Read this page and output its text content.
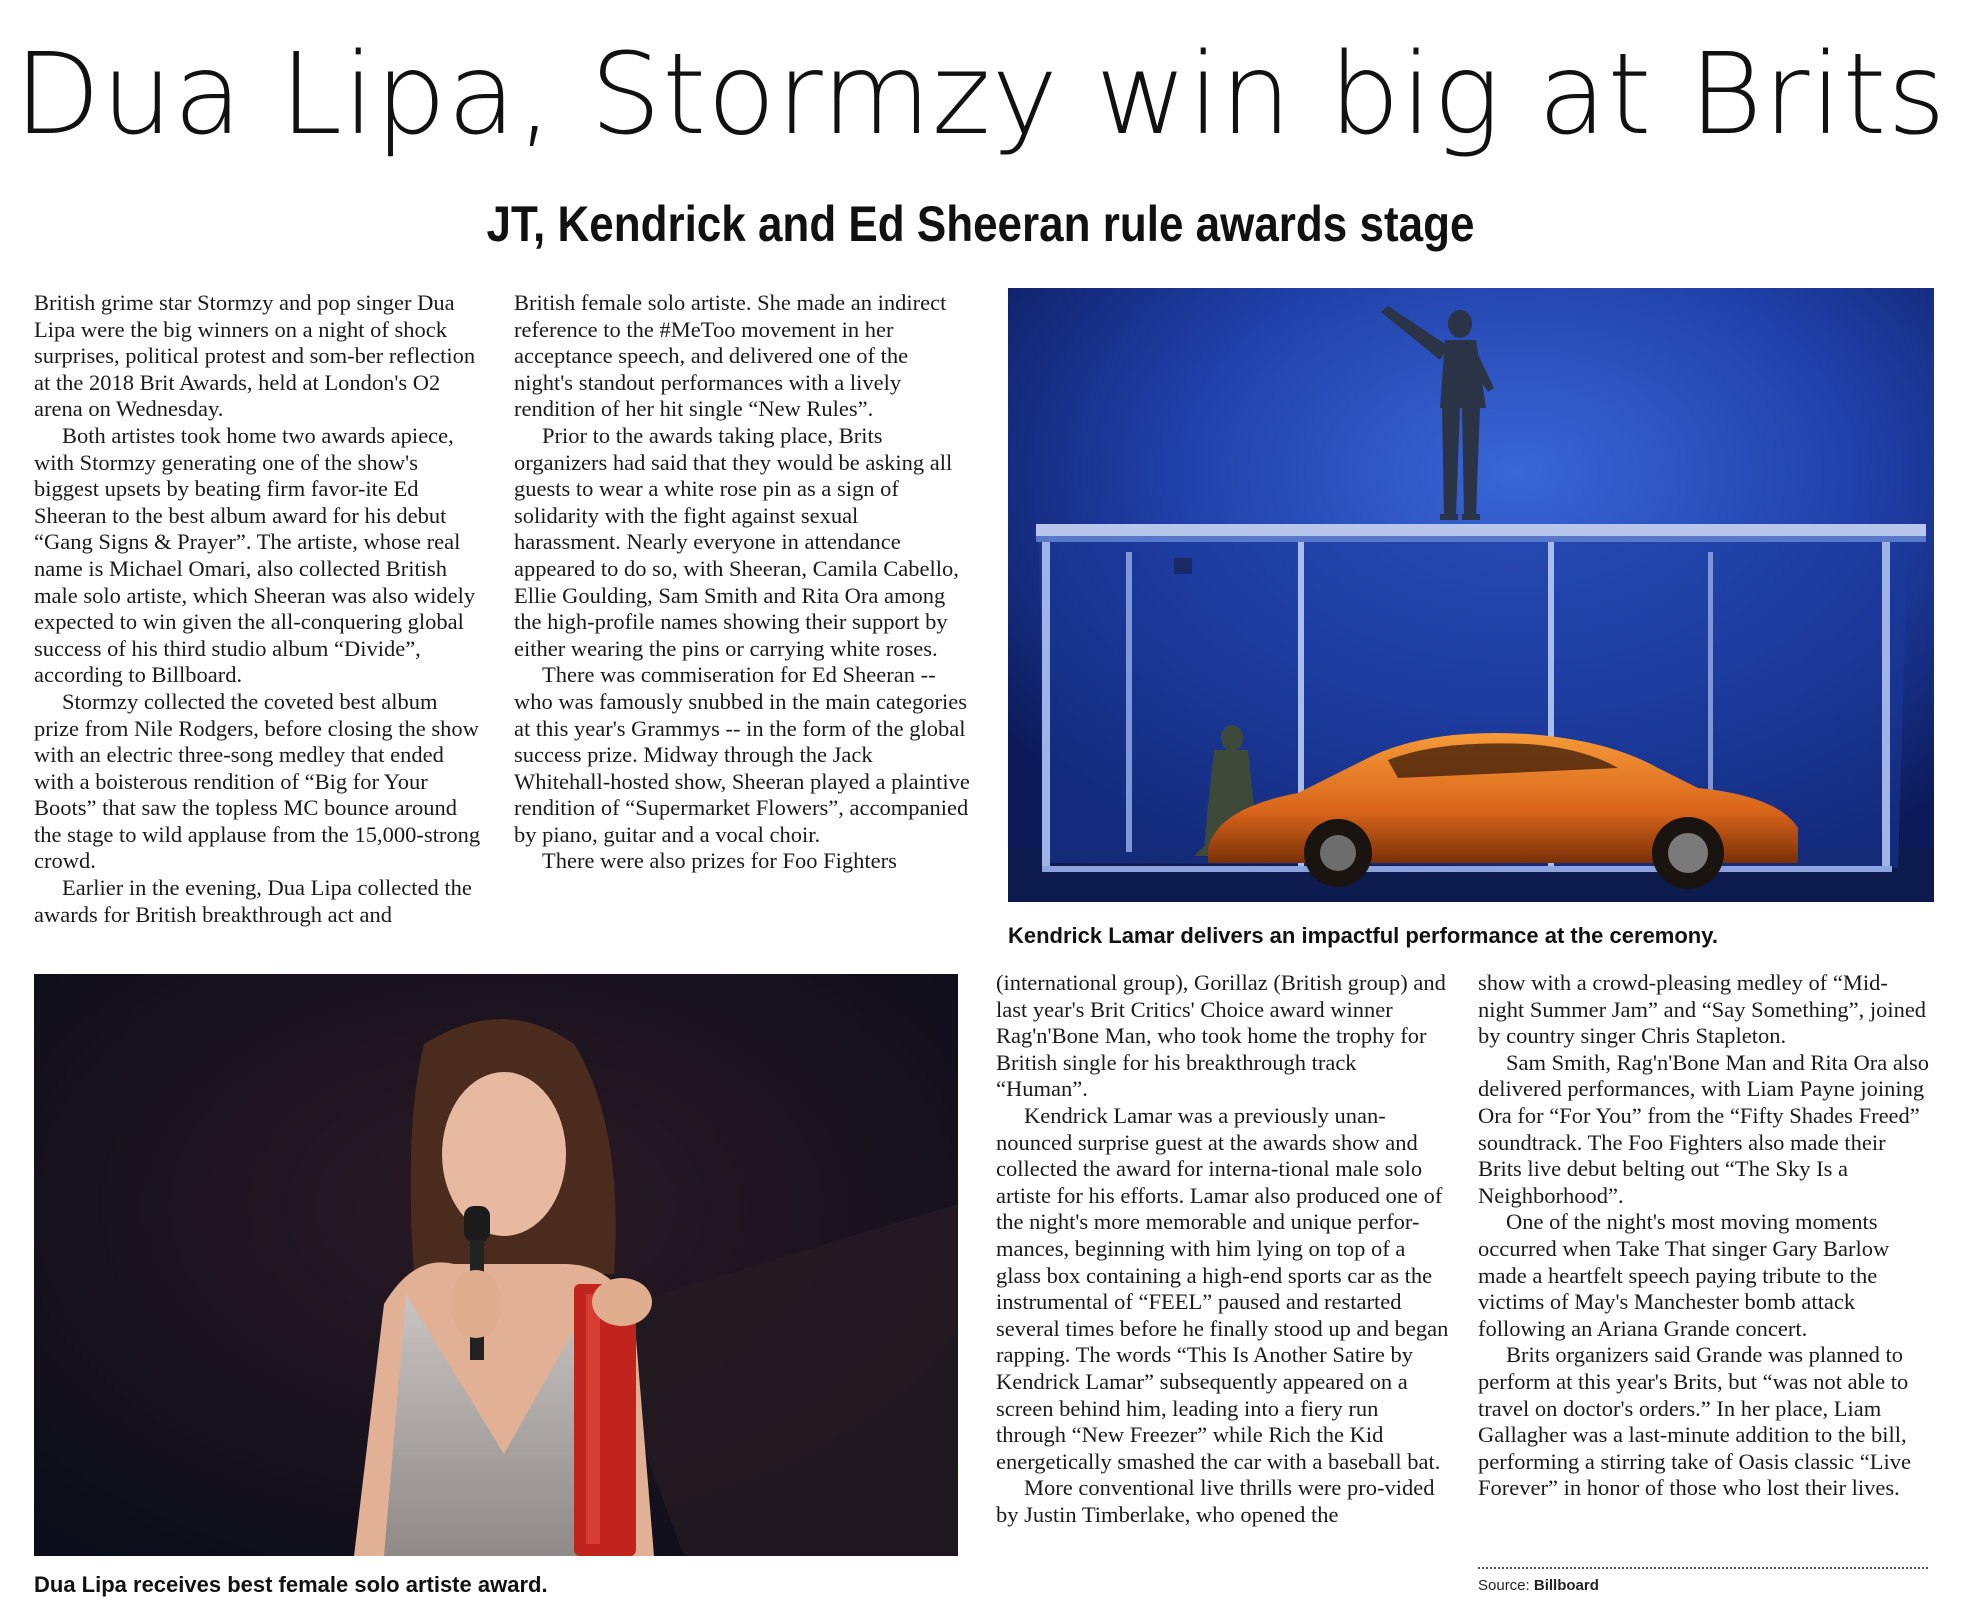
Dua Lipa, Stormzy win big at Brits
JT, Kendrick and Ed Sheeran rule awards stage

British grime star Stormzy and pop singer Dua Lipa were the big winners on a night of shock surprises, political protest and som-ber reflection at the 2018 Brit Awards, held at London's O2 arena on Wednesday.

Both artistes took home two awards apiece, with Stormzy generating one of the show's biggest upsets by beating firm favor-ite Ed Sheeran to the best album award for his debut “Gang Signs & Prayer”. The artiste, whose real name is Michael Omari, also collected British male solo artiste, which Sheeran was also widely expected to win given the all-conquering global success of his third studio album “Divide”, according to Billboard.

Stormzy collected the coveted best album prize from Nile Rodgers, before closing the show with an electric three-song medley that ended with a boisterous rendition of “Big for Your Boots” that saw the topless MC bounce around the stage to wild applause from the 15,000-strong crowd.

Earlier in the evening, Dua Lipa collected the awards for British breakthrough act and

British female solo artiste. She made an indirect reference to the #MeToo movement in her acceptance speech, and delivered one of the night's standout performances with a lively rendition of her hit single “New Rules”.

Prior to the awards taking place, Brits organizers had said that they would be asking all guests to wear a white rose pin as a sign of solidarity with the fight against sexual harassment. Nearly everyone in attendance appeared to do so, with Sheeran, Camila Cabello, Ellie Goulding, Sam Smith and Rita Ora among the high-profile names showing their support by either wearing the pins or carrying white roses.

There was commiseration for Ed Sheeran -- who was famously snubbed in the main categories at this year's Grammys -- in the form of the global success prize. Midway through the Jack Whitehall-hosted show, Sheeran played a plaintive rendition of “Supermarket Flowers”, accompanied by piano, guitar and a vocal choir.

There were also prizes for Foo Fighters

Kendrick Lamar delivers an impactful performance at the ceremony.
Dua Lipa receives best female solo artiste award.

(international group), Gorillaz (British group) and last year's Brit Critics' Choice award winner Rag'n'Bone Man, who took home the trophy for British single for his breakthrough track “Human”.

Kendrick Lamar was a previously unan-nounced surprise guest at the awards show and collected the award for interna-tional male solo artiste for his efforts. Lamar also produced one of the night's more memorable and unique perfor-mances, beginning with him lying on top of a glass box containing a high-end sports car as the instrumental of “FEEL” paused and restarted several times before he finally stood up and began rapping. The words “This Is Another Satire by Kendrick Lamar” subsequently appeared on a screen behind him, leading into a fiery run through “New Freezer” while Rich the Kid energetically smashed the car with a baseball bat.

More conventional live thrills were pro-vided by Justin Timberlake, who opened the

show with a crowd-pleasing medley of “Mid-night Summer Jam” and “Say Something”, joined by country singer Chris Stapleton.

Sam Smith, Rag'n'Bone Man and Rita Ora also delivered performances, with Liam Payne joining Ora for “For You” from the “Fifty Shades Freed” soundtrack. The Foo Fighters also made their Brits live debut belting out “The Sky Is a Neighborhood”.

One of the night's most moving moments occurred when Take That singer Gary Barlow made a heartfelt speech paying tribute to the victims of May's Manchester bomb attack following an Ariana Grande concert.

Brits organizers said Grande was planned to perform at this year's Brits, but “was not able to travel on doctor's orders.” In her place, Liam Gallagher was a last-minute addition to the bill, performing a stirring take of Oasis classic “Live Forever” in honor of those who lost their lives.

Source: Billboard
